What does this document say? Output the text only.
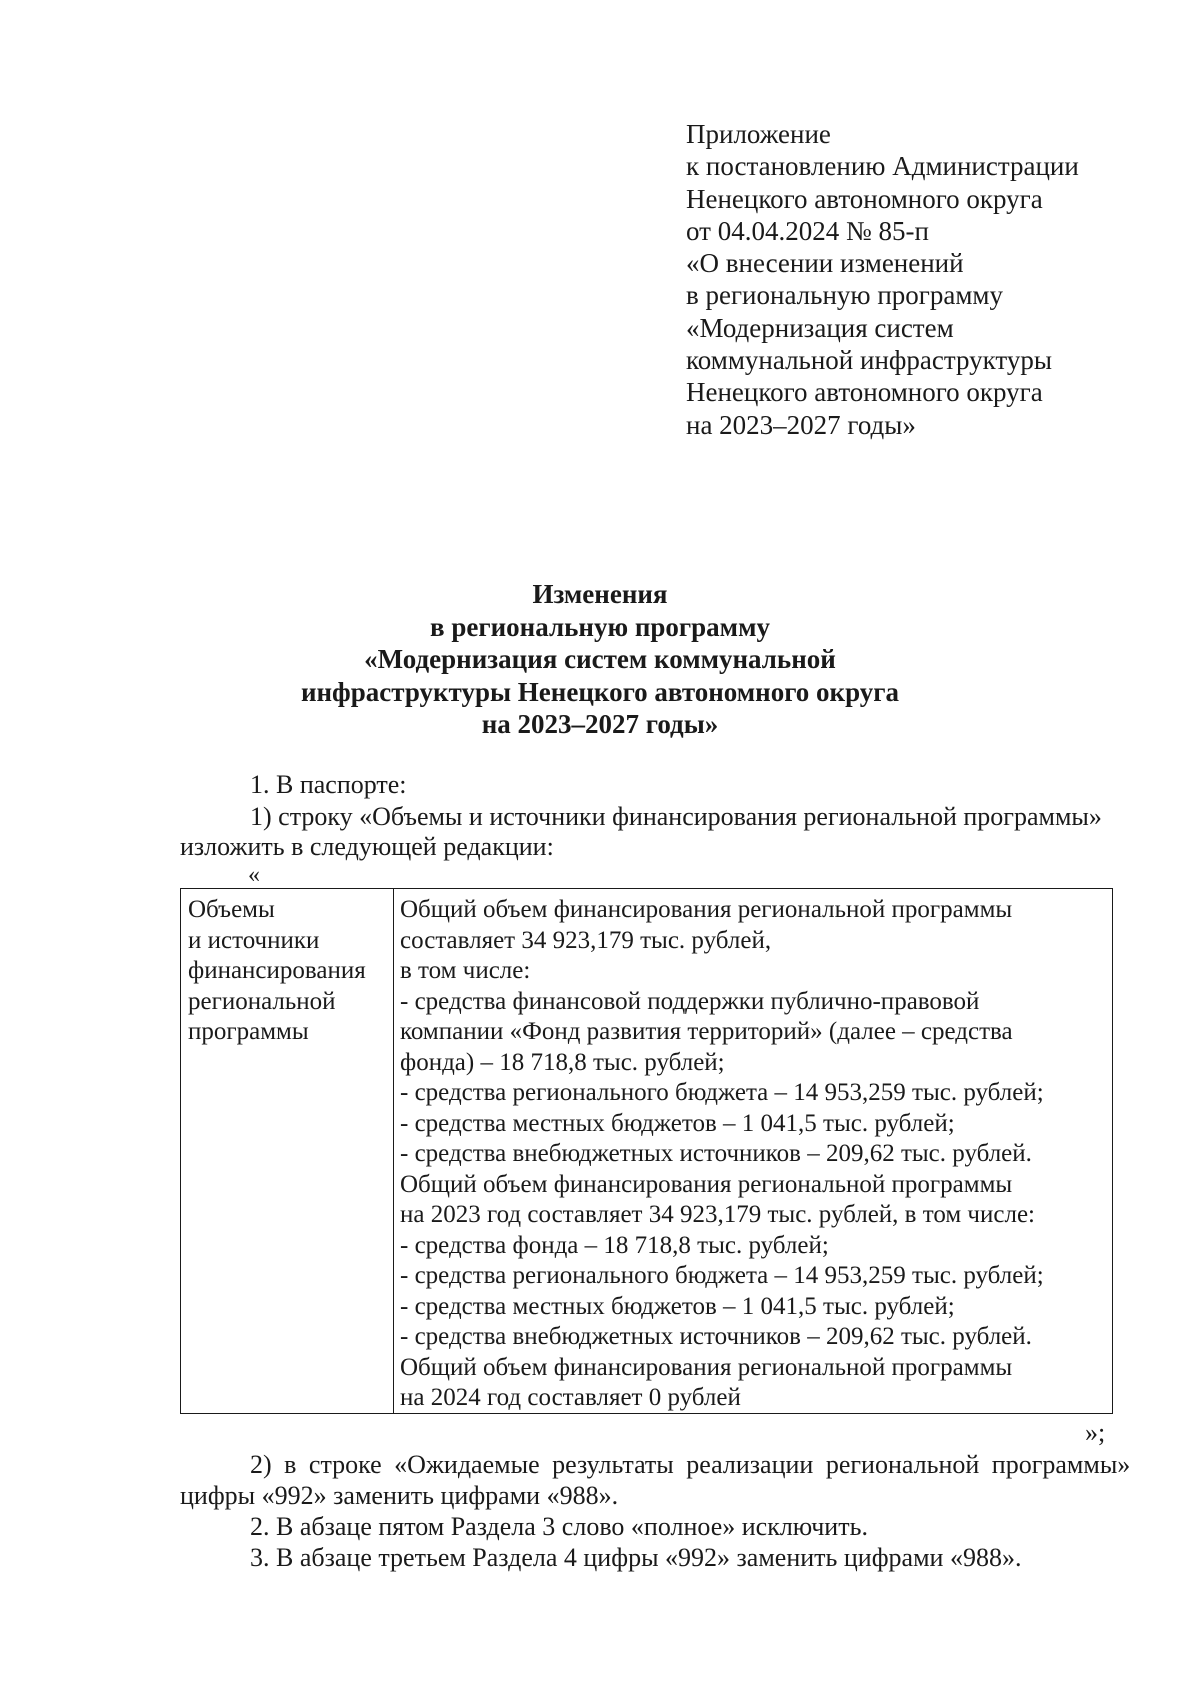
Приложение
к постановлению Администрации
Ненецкого автономного округа
от 04.04.2024 № 85-п
«О внесении изменений
в региональную программу
«Модернизация систем
коммунальной инфраструктуры
Ненецкого автономного округа
на 2023–2027 годы»
Изменения
в региональную программу
«Модернизация систем коммунальной
инфраструктуры Ненецкого автономного округа
на 2023–2027 годы»
1. В паспорте:
1) строку «Объемы и источники финансирования региональной программы»
изложить в следующей редакции:
«
Объемы
и источники
финансирования
региональной
программы
Общий объем финансирования региональной программы
составляет 34 923,179 тыс. рублей,
в том числе:
- средства финансовой поддержки публично-правовой
компании «Фонд развития территорий» (далее – средства
фонда) – 18 718,8 тыс. рублей;
- средства регионального бюджета – 14 953,259 тыс. рублей;
- средства местных бюджетов – 1 041,5 тыс. рублей;
- средства внебюджетных источников – 209,62 тыс. рублей.
Общий объем финансирования региональной программы
на 2023 год составляет 34 923,179 тыс. рублей, в том числе:
- средства фонда – 18 718,8 тыс. рублей;
- средства регионального бюджета – 14 953,259 тыс. рублей;
- средства местных бюджетов – 1 041,5 тыс. рублей;
- средства внебюджетных источников – 209,62 тыс. рублей.
Общий объем финансирования региональной программы
на 2024 год составляет 0 рублей
»;
2) в строке «Ожидаемые результаты реализации региональной программы»
цифры «992» заменить цифрами «988».
2. В абзаце пятом Раздела 3 слово «полное» исключить.
3. В абзаце третьем Раздела 4 цифры «992» заменить цифрами «988».
